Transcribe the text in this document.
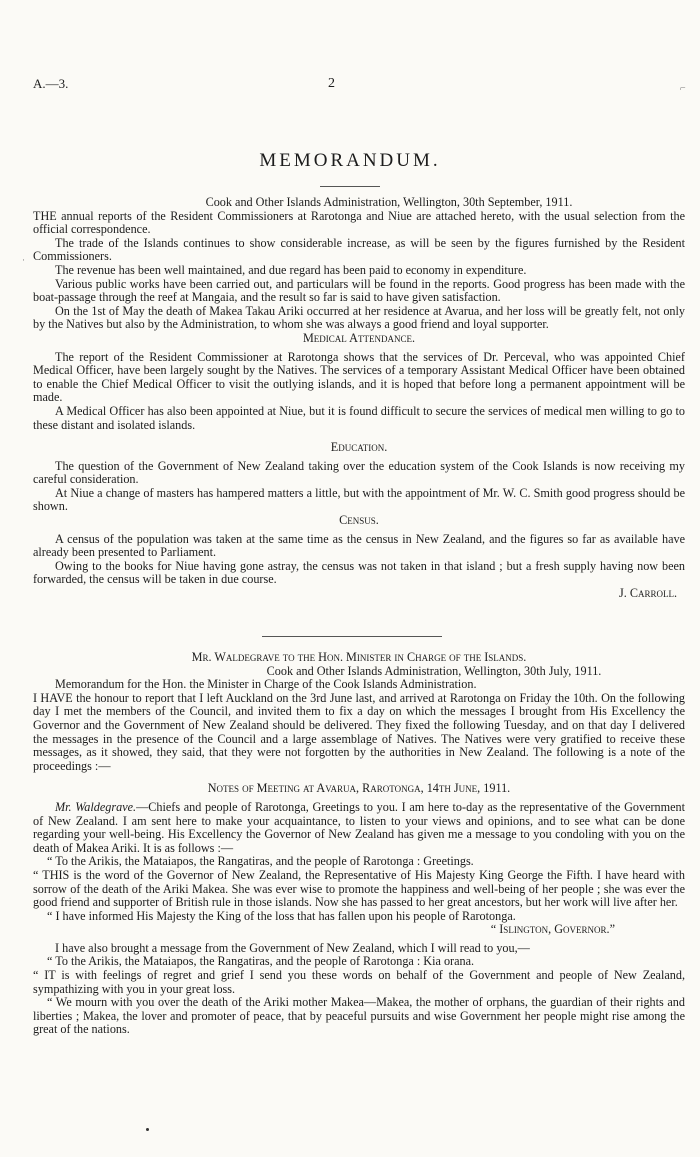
A.—3.	2	⌐
·
MEMORANDUM.

Cook and Other Islands Administration, Wellington, 30th September, 1911.

THE annual reports of the Resident Commissioners at Rarotonga and Niue are attached hereto, with the usual selection from the official correspondence.

The trade of the Islands continues to show considerable increase, as will be seen by the figures furnished by the Resident Commissioners.

The revenue has been well maintained, and due regard has been paid to economy in expenditure.

Various public works have been carried out, and particulars will be found in the reports. Good progress has been made with the boat-passage through the reef at Mangaia, and the result so far is said to have given satisfaction.

On the 1st of May the death of Makea Takau Ariki occurred at her residence at Avarua, and her loss will be greatly felt, not only by the Natives but also by the Administration, to whom she was always a good friend and loyal supporter.

Medical Attendance.

The report of the Resident Commissioner at Rarotonga shows that the services of Dr. Perceval, who was appointed Chief Medical Officer, have been largely sought by the Natives. The services of a temporary Assistant Medical Officer have been obtained to enable the Chief Medical Officer to visit the outlying islands, and it is hoped that before long a permanent appointment will be made.

A Medical Officer has also been appointed at Niue, but it is found difficult to secure the services of medical men willing to go to these distant and isolated islands.

Education.

The question of the Government of New Zealand taking over the education system of the Cook Islands is now receiving my careful consideration.

At Niue a change of masters has hampered matters a little, but with the appointment of Mr. W. C. Smith good progress should be shown.

Census.

A census of the population was taken at the same time as the census in New Zealand, and the figures so far as available have already been presented to Parliament.

Owing to the books for Niue having gone astray, the census was not taken in that island ; but a fresh supply having now been forwarded, the census will be taken in due course.

J. Carroll.

Mr. Waldegrave to the Hon. Minister in Charge of the Islands.

Cook and Other Islands Administration, Wellington, 30th July, 1911.

Memorandum for the Hon. the Minister in Charge of the Cook Islands Administration.

I HAVE the honour to report that I left Auckland on the 3rd June last, and arrived at Rarotonga on Friday the 10th. On the following day I met the members of the Council, and invited them to fix a day on which the messages I brought from His Excellency the Governor and the Government of New Zealand should be delivered. They fixed the following Tuesday, and on that day I delivered the messages in the presence of the Council and a large assemblage of Natives. The Natives were very gratified to receive these messages, as it showed, they said, that they were not forgotten by the authorities in New Zealand. The following is a note of the proceedings :—

Notes of Meeting at Avarua, Rarotonga, 14th June, 1911.

Mr. Waldegrave.—Chiefs and people of Rarotonga, Greetings to you. I am here to-day as the representative of the Government of New Zealand. I am sent here to make your acquaintance, to listen to your views and opinions, and to see what can be done regarding your well-being. His Excellency the Governor of New Zealand has given me a message to you condoling with you on the death of Makea Ariki. It is as follows :—

“ To the Arikis, the Mataiapos, the Rangatiras, and the people of Rarotonga : Greetings.

“ THIS is the word of the Governor of New Zealand, the Representative of His Majesty King George the Fifth. I have heard with sorrow of the death of the Ariki Makea. She was ever wise to promote the happiness and well-being of her people ; she was ever the good friend and supporter of British rule in those islands. Now she has passed to her great ancestors, but her work will live after her.

“ I have informed His Majesty the King of the loss that has fallen upon his people of Rarotonga.

“ Islington, Governor.”

I have also brought a message from the Government of New Zealand, which I will read to you,—

“ To the Arikis, the Mataiapos, the Rangatiras, and the people of Rarotonga : Kia orana.

“ IT is with feelings of regret and grief I send you these words on behalf of the Government and people of New Zealand, sympathizing with you in your great loss.

“ We mourn with you over the death of the Ariki mother Makea—Makea, the mother of orphans, the guardian of their rights and liberties ; Makea, the lover and promoter of peace, that by peaceful pursuits and wise Government her people might rise among the great of the nations.
